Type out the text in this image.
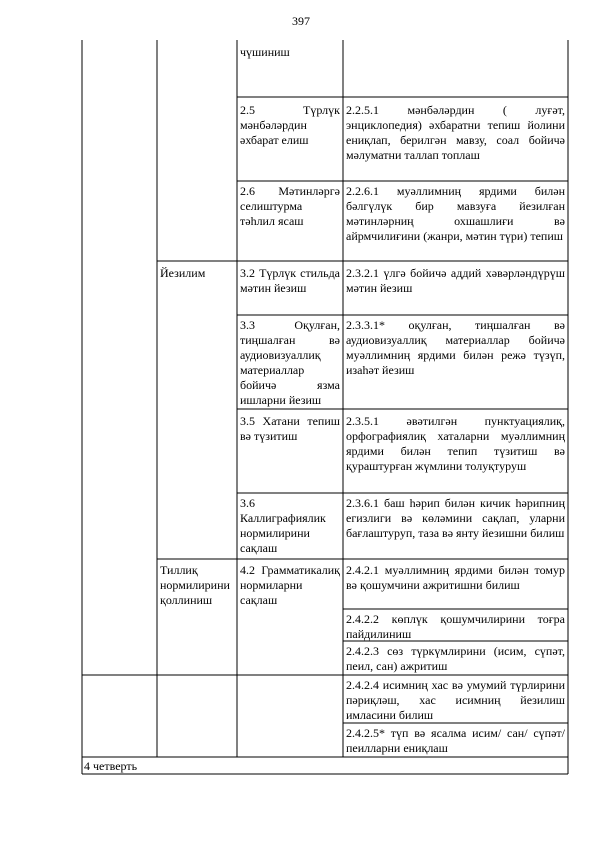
397
Йезилим
Тиллиқ нормилирини қоллиниш
чүшиниш
2.5 Түрлүк мәнбәләрдин әхбарат елиш
2.6 Мәтинләргә селиштурма тәһлил ясаш
3.2 Түрлүк стильда мәтин йезиш
3.3 Оқулған, тиңшалған вә аудиовизуаллиқ материаллар бойичә язма ишларни йезиш
3.5 Хатани тепиш вә түзитиш
3.6 Каллиграфиялик нормилирини сақлаш
4.2 Грамматикалиқ нормиларни сақлаш
2.2.5.1 мәнбәләрдин ( луғәт, энциклопедия) әхбаратни тепиш йолини ениқлап, берилгән мавзу, соал бойичә мәлуматни таллап топлаш
2.2.6.1 муәллимниң ярдими билән бәлгүлүк бир мавзуға йезилған мәтинләрниң охшашлиғи вә айрмчилиғини (жанри, мәтин түри) тепиш
2.3.2.1 үлгә бойичә аддий хәвәрләндүрүш мәтин йезиш
2.3.3.1* оқулған, тиңшалған вә аудиовизуаллиқ материаллар бойичә муәллимниң ярдими билән режә түзүп, изаһәт йезиш
2.3.5.1 әвәтилгән пунктуациялиқ, орфографиялиқ хаталарни муәллимниң ярдими билән тепип түзитиш вә қураштурған жүмлини толуқтуруш
2.3.6.1 баш һәрип билән кичик һәрипниң егизлиги вә көләмини сақлап, уларни бағлаштуруп, таза вә янту йезишни билиш
2.4.2.1 муәллимниң ярдими билән томур вә қошумчини ажритишни билиш
2.4.2.2 көплүк қошумчилирини тоғра пайдилиниш
2.4.2.3 сөз түркүмлирини (исим, сүпәт, пеил, сан) ажритиш
2.4.2.4 исимниң хас вә умумий түрлирини пәриқләш, хас исимниң йезилиш имласини билиш
2.4.2.5* түп вә ясалма исим/ сан/ сүпәт/пеилларни ениқлаш
4 четверть
